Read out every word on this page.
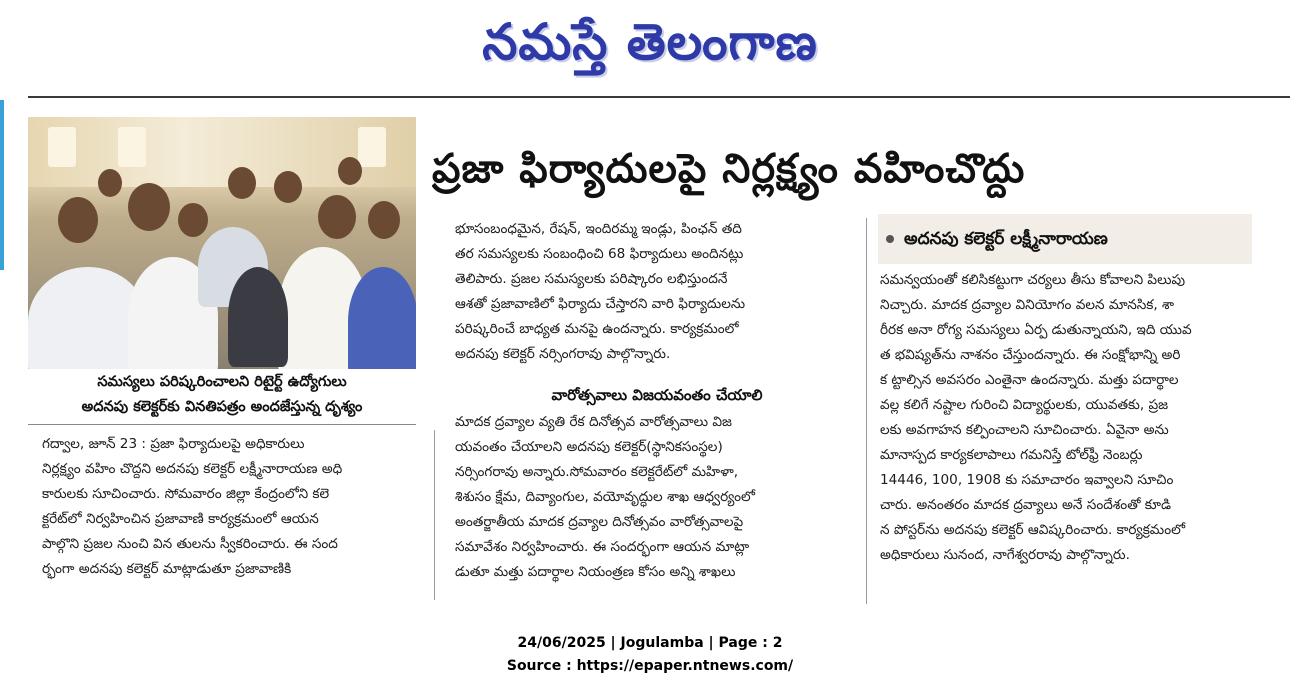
నమస్తే తెలంగాణ
సమస్యలు పరిష్కరించాలని రిటైర్ట్ ఉద్యోగులు
అదనపు కలెక్టర్‌కు వినతిపత్రం అందజేస్తున్న దృశ్యం
ప్రజా ఫిర్యాదులపై నిర్లక్ష్యం వహించొద్దు
అదనపు కలెక్టర్ లక్ష్మీనారాయణ

గద్వాల, జూన్ 23 : ప్రజా ఫిర్యాదులపై అధికారులు

నిర్లక్ష్యం వహిం చొద్దని అదనపు కలెక్టర్ లక్ష్మీనారాయణ అధి

కారులకు సూచించారు. సోమవారం జిల్లా కేంద్రంలోని కలె

క్టరేట్‌లో నిర్వహించిన ప్రజావాణి కార్యక్రమంలో ఆయన

పాల్గొని ప్రజల నుంచి విన తులను స్వీకరించారు. ఈ సంద

ర్భంగా అదనపు కలెక్టర్ మాట్లాడుతూ ప్రజావాణికి

భూసంబంధమైన, రేషన్, ఇందిరమ్మ ఇండ్లు, పింఛన్ తది

తర సమస్యలకు సంబంధించి 68 ఫిర్యాదులు అందినట్లు

తెలిపారు. ప్రజల సమస్యలకు పరిష్కారం లభిస్తుందనే

ఆశతో ప్రజావాణిలో ఫిర్యాదు చేస్తారని వారి ఫిర్యాదులను

పరిష్కరించే బాధ్యత మనపై ఉందన్నారు. కార్యక్రమంలో

అదనపు కలెక్టర్ నర్సింగరావు పాల్గొన్నారు.

వారోత్సవాలు విజయవంతం చేయాలి

మాదక ద్రవ్యాల వ్యతి రేక దినోత్సవ వారోత్సవాలు విజ

యవంతం చేయాలని అదనపు కలెక్టర్(స్థానికసంస్థల)

నర్సింగరావు అన్నారు.సోమవారం కలెక్టరేట్‌లో మహిళా,

శిశుసం క్షేమ, దివ్యాంగుల, వయోవృద్ధుల శాఖ ఆధ్వర్యంలో

అంతర్జాతీయ మాదక ద్రవ్యాల దినోత్సవం వారోత్సవాలపై

సమావేశం నిర్వహించారు. ఈ సందర్భంగా ఆయన మాట్లా

డుతూ మత్తు పదార్థాల నియంత్రణ కోసం అన్ని శాఖలు

సమన్వయంతో కలిసికట్టుగా చర్యలు తీసు కోవాలని పిలుపు

నిచ్చారు. మాదక ద్రవ్యాల వినియోగం వలన మానసిక, శా

రీరక అనా రోగ్య సమస్యలు ఏర్ప డుతున్నాయని, ఇది యువ

త భవిష్యత్‌ను నాశనం చేస్తుందన్నారు. ఈ సంక్షోభాన్ని అరి

క ట్టాల్సిన అవసరం ఎంతైనా ఉందన్నారు. మత్తు పదార్థాల

వల్ల కలిగే నష్టాల గురించి విద్యార్థులకు, యువతకు, ప్రజ

లకు అవగాహన కల్పించాలని సూచించారు. ఏవైనా అను

మానాస్పద కార్యకలాపాలు గమనిస్తే టోల్‌ఫ్రీ నెంబర్లు

14446, 100, 1908 కు సమాచారం ఇవ్వాలని సూచిం

చారు. అనంతరం మాదక ద్రవ్యాలు అనే సందేశంతో కూడి

న పోస్టర్‌ను అదనపు కలెక్టర్ ఆవిష్కరించారు. కార్యక్రమంలో

అధికారులు సునంద, నాగేశ్వరరావు పాల్గొన్నారు.

24/06/2025 | Jogulamba | Page : 2
Source : https://epaper.ntnews.com/
